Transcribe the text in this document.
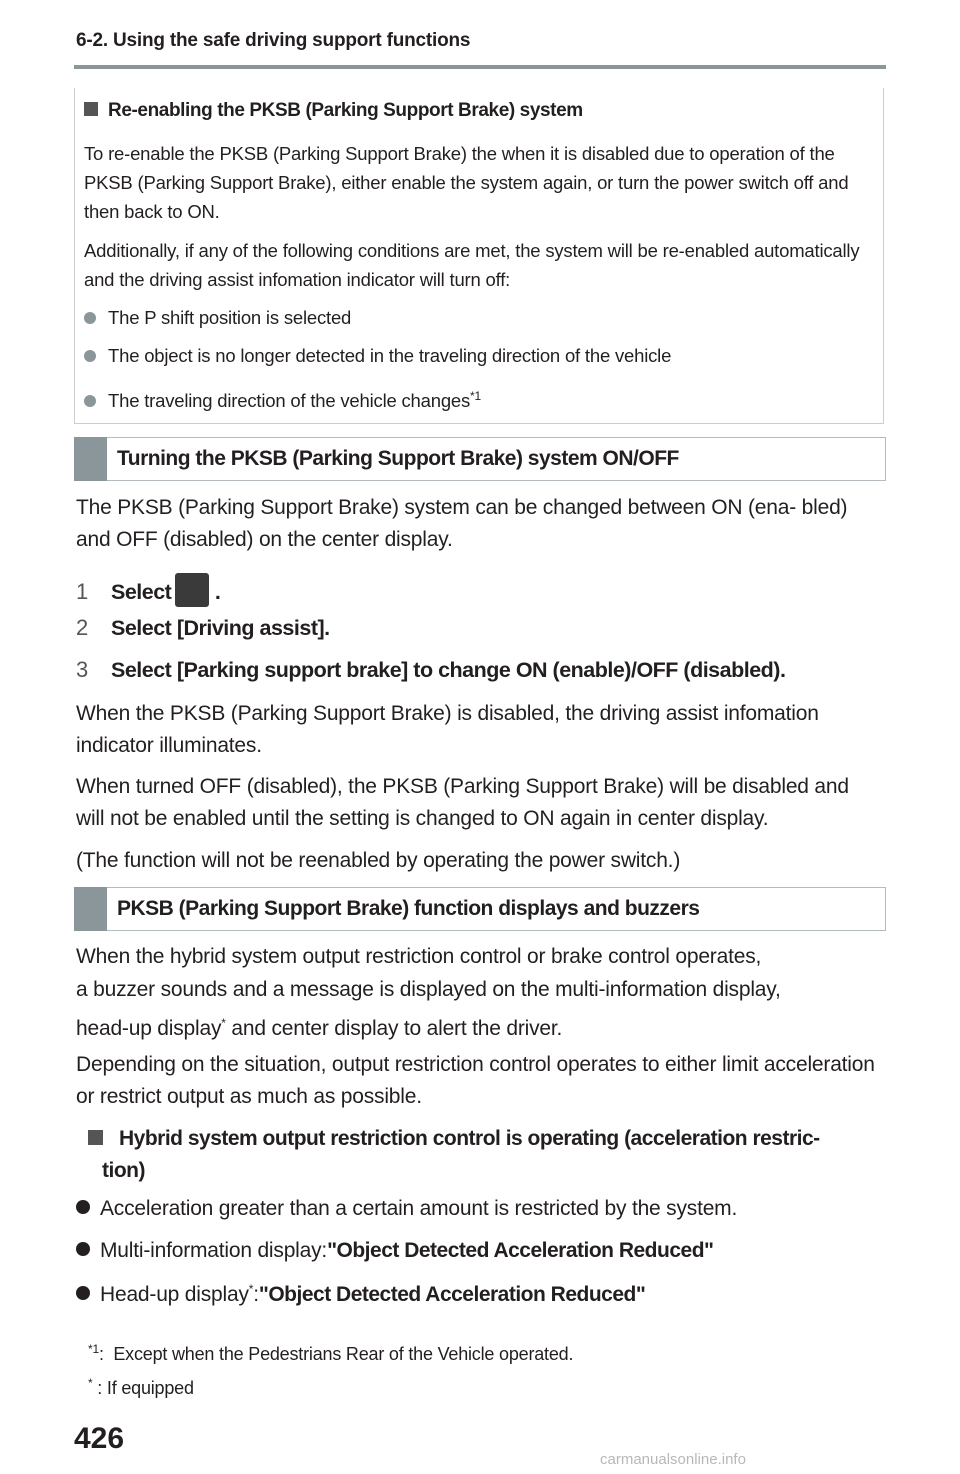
6-2. Using the safe driving support functions
Re-enabling the PKSB (Parking Support Brake) system
To re-enable the PKSB (Parking Support Brake) the when it is disabled due to operation of the PKSB (Parking Support Brake), either enable the system again, or turn the power switch off and then back to ON.
Additionally, if any of the following conditions are met, the system will be re-enabled automatically and the driving assist infomation indicator will turn off:
The P shift position is selected
The object is no longer detected in the traveling direction of the vehicle
The traveling direction of the vehicle changes$^{*1}$
Turning the PKSB (Parking Support Brake) system ON/OFF
The PKSB (Parking Support Brake) system can be changed between ON (ena- bled) and OFF (disabled) on the center display.
1 Select .
2 Select [Driving assist].
3 Select [Parking support brake] to change ON (enable)/OFF (disabled).
When the PKSB (Parking Support Brake) is disabled, the driving assist infomation indicator illuminates.
When turned OFF (disabled), the PKSB (Parking Support Brake) will be disabled and will not be enabled until the setting is changed to ON again in center display.
(The function will not be reenabled by operating the power switch.)
PKSB (Parking Support Brake) function displays and buzzers
When the hybrid system output restriction control or brake control operates,
a buzzer sounds and a message is displayed on the multi-information display,
head-up display* and center display to alert the driver.
Depending on the situation, output restriction control operates to either limit acceleration or restrict output as much as possible.
Hybrid system output restriction control is operating (acceleration restric-
tion)
Acceleration greater than a certain amount is restricted by the system.
Multi-information display:"Object Detected Acceleration Reduced"
Head-up display*:"Object Detected Acceleration Reduced"
$^{*1}$: Except when the Pedestrians Rear of the Vehicle operated.
* : If equipped
426
carmanualsonline.info
